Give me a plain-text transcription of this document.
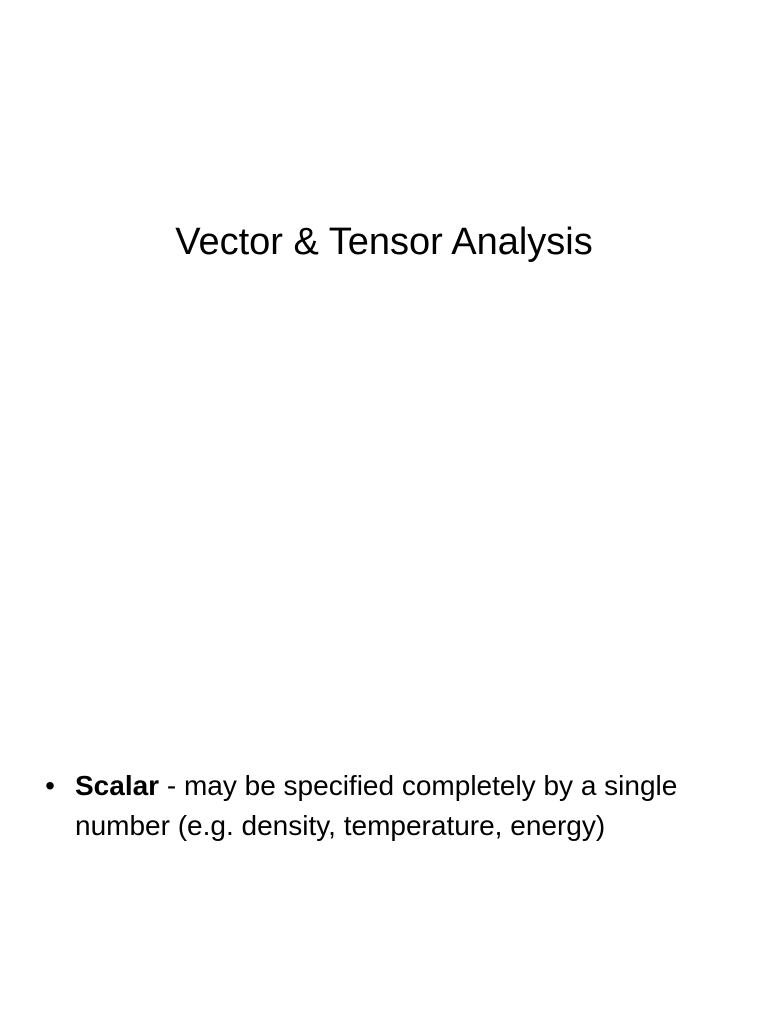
Vector & Tensor Analysis
• Scalar - may be specified completely by a single number (e.g. density, temperature, energy)
